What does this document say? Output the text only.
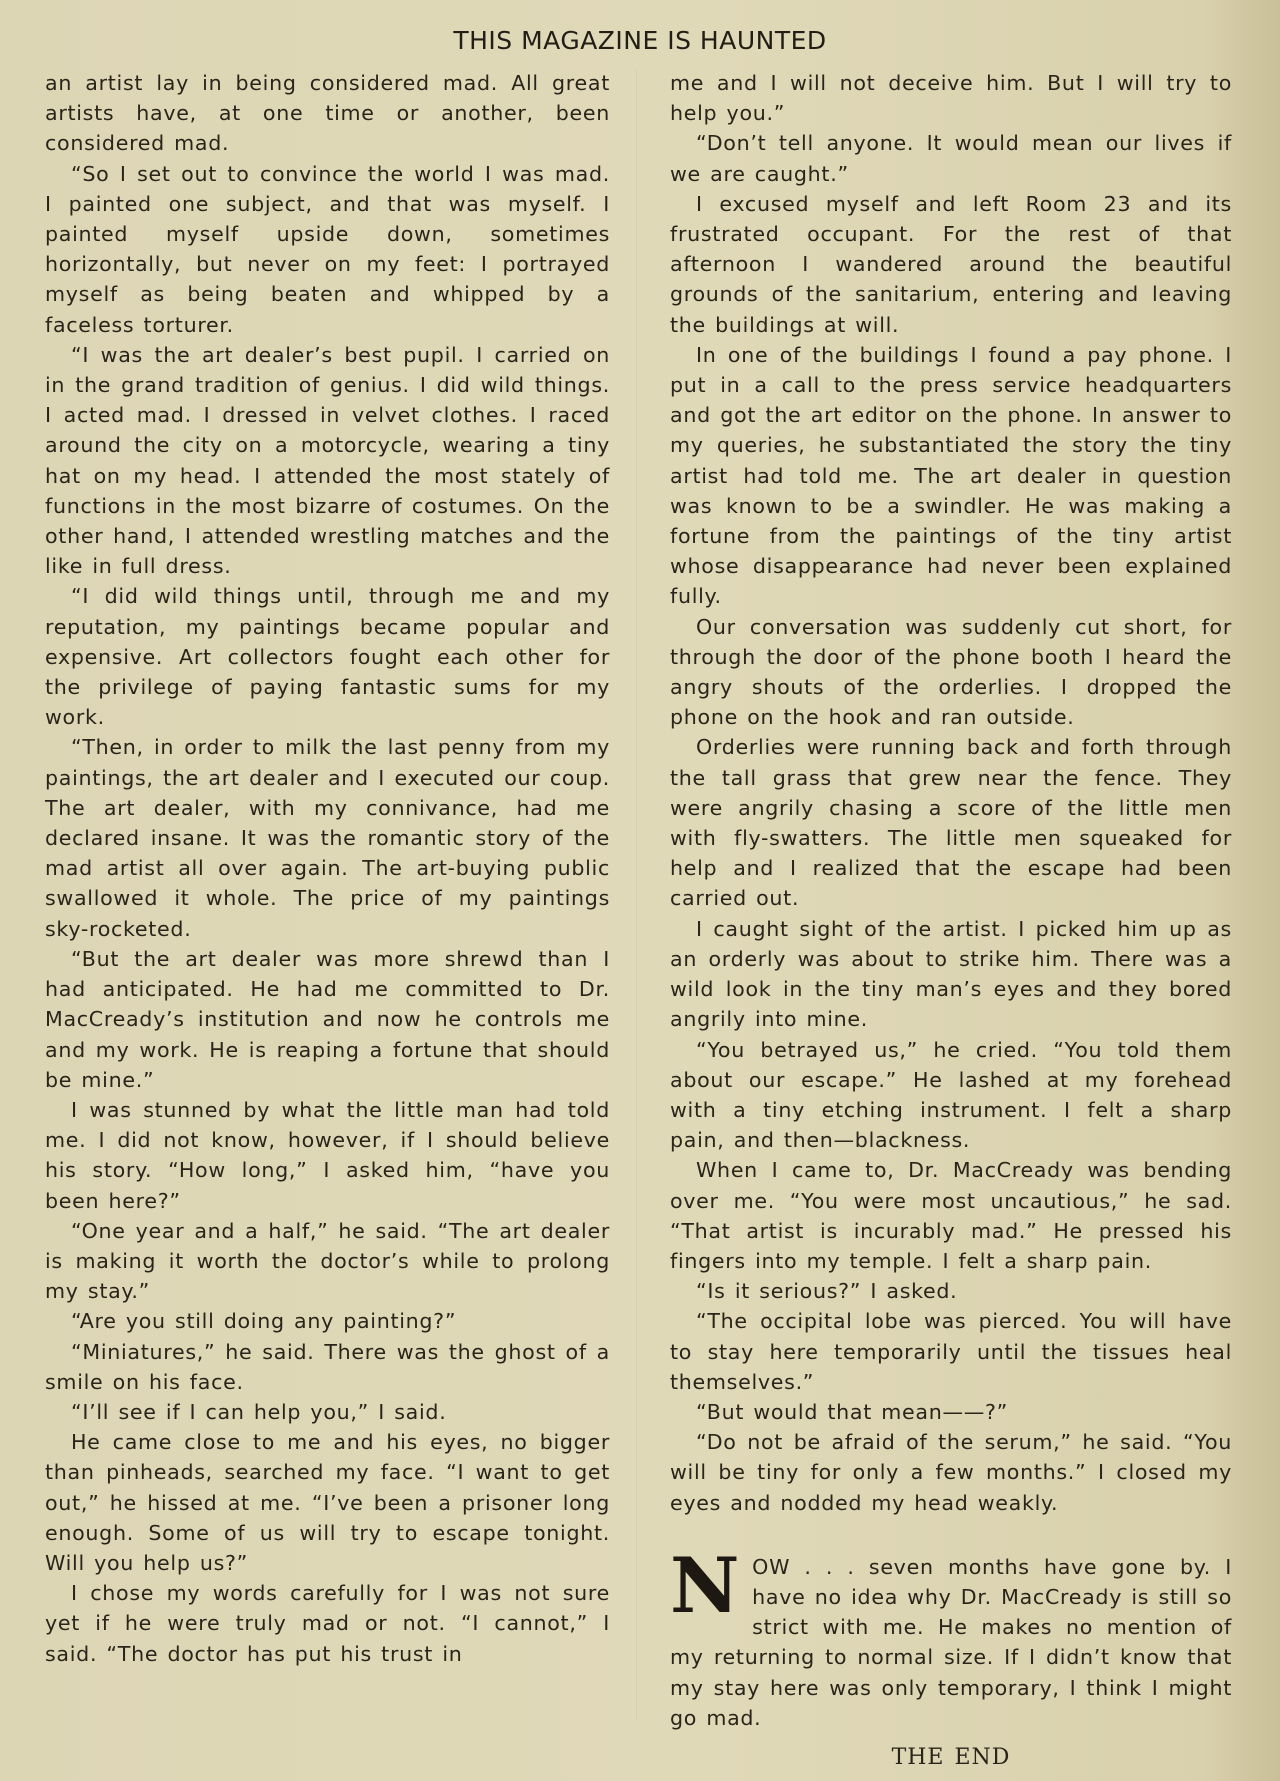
THIS MAGAZINE IS HAUNTED

an artist lay in being considered mad. All great artists have, at one time or another, been considered mad.

“So I set out to convince the world I was mad. I painted one subject, and that was myself. I painted myself upside down, sometimes horizontally, but never on my feet: I portrayed myself as being beaten and whipped by a faceless torturer.

“I was the art dealer’s best pupil. I carried on in the grand tradition of genius. I did wild things. I acted mad. I dressed in velvet clothes. I raced around the city on a motorcycle, wearing a tiny hat on my head. I attended the most stately of functions in the most bizarre of costumes. On the other hand, I attended wrestling matches and the like in full dress.

“I did wild things until, through me and my reputation, my paintings became popular and expensive. Art collectors fought each other for the privilege of paying fantastic sums for my work.

“Then, in order to milk the last penny from my paintings, the art dealer and I executed our coup. The art dealer, with my connivance, had me declared insane. It was the romantic story of the mad artist all over again. The art-buying public swallowed it whole. The price of my paintings sky-rocketed.

“But the art dealer was more shrewd than I had anticipated. He had me committed to Dr. MacCready’s institution and now he controls me and my work. He is reaping a fortune that should be mine.”

I was stunned by what the little man had told me. I did not know, however, if I should believe his story. “How long,” I asked him, “have you been here?”

“One year and a half,” he said. “The art dealer is making it worth the doctor’s while to prolong my stay.”

“Are you still doing any painting?”

“Miniatures,” he said. There was the ghost of a smile on his face.

“I’ll see if I can help you,” I said.

He came close to me and his eyes, no bigger than pinheads, searched my face. “I want to get out,” he hissed at me. “I’ve been a prisoner long enough. Some of us will try to escape tonight. Will you help us?”

I chose my words carefully for I was not sure yet if he were truly mad or not. “I cannot,” I said. “The doctor has put his trust in

me and I will not deceive him. But I will try to help you.”

“Don’t tell anyone. It would mean our lives if we are caught.”

I excused myself and left Room 23 and its frustrated occupant. For the rest of that afternoon I wandered around the beautiful grounds of the sanitarium, entering and leaving the buildings at will.

In one of the buildings I found a pay phone. I put in a call to the press service headquarters and got the art editor on the phone. In answer to my queries, he substantiated the story the tiny artist had told me. The art dealer in question was known to be a swindler. He was making a fortune from the paintings of the tiny artist whose disappearance had never been explained fully.

Our conversation was suddenly cut short, for through the door of the phone booth I heard the angry shouts of the orderlies. I dropped the phone on the hook and ran outside.

Orderlies were running back and forth through the tall grass that grew near the fence. They were angrily chasing a score of the little men with fly-swatters. The little men squeaked for help and I realized that the escape had been carried out.

I caught sight of the artist. I picked him up as an orderly was about to strike him. There was a wild look in the tiny man’s eyes and they bored angrily into mine.

“You betrayed us,” he cried. “You told them about our escape.” He lashed at my forehead with a tiny etching instrument. I felt a sharp pain, and then—blackness.

When I came to, Dr. MacCready was bending over me. “You were most uncautious,” he sad. “That artist is incurably mad.” He pressed his fingers into my temple. I felt a sharp pain.

“Is it serious?” I asked.

“The occipital lobe was pierced. You will have to stay here temporarily until the tissues heal themselves.”

“But would that mean——?”

“Do not be afraid of the serum,” he said. “You will be tiny for only a few months.” I closed my eyes and nodded my head weakly.

NOW . . . seven months have gone by. I have no idea why Dr. MacCready is still so strict with me. He makes no mention of my returning to normal size. If I didn’t know that my stay here was only temporary, I think I might go mad.

THE END
